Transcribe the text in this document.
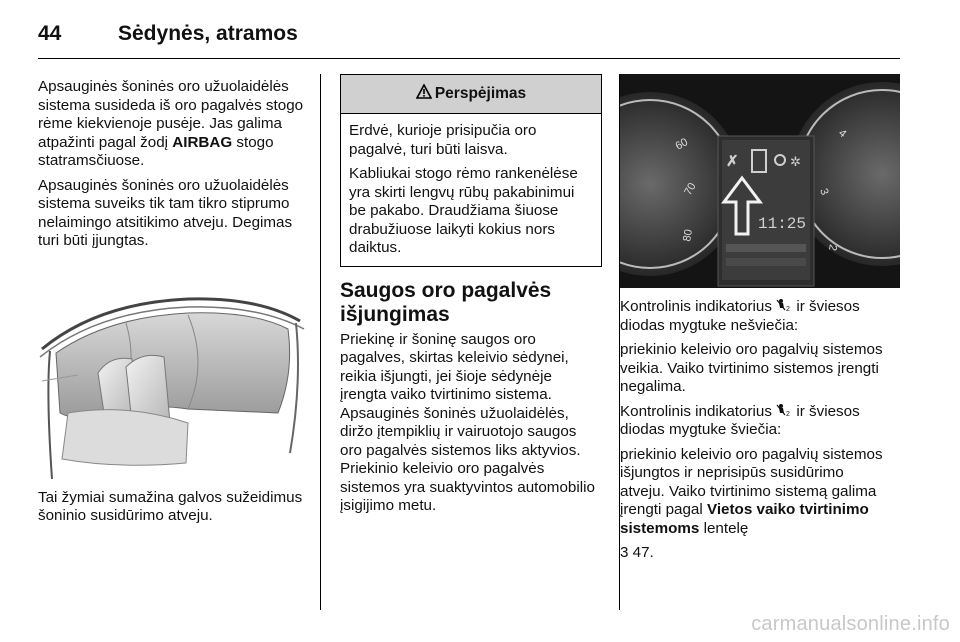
44	Sėdynės, atramos

Apsauginės šoninės oro užuolaidėlės sistema susideda iš oro pagalvės stogo rėme kiekvienoje pusėje. Jas galima atpažinti pagal žodį AIRBAG stogo statramsčiuose.

Apsauginės šoninės oro užuolaidėlės sistema suveiks tik tam tikro stiprumo nelaimingo atsitikimo atveju. Degimas turi būti įjungtas.

Tai žymiai sumažina galvos sužeidimus šoninio susidūrimo atveju.

Perspėjimas

Erdvė, kurioje prisipučia oro pagalvė, turi būti laisva.

Kabliukai stogo rėmo rankenėlėse yra skirti lengvų rūbų pakabinimui be pakabo. Draudžiama šiuose drabužiuose laikyti kokius nors daiktus.

Saugos oro pagalvės išjungimas

Priekinę ir šoninę saugos oro pagalves, skirtas keleivio sėdynei, reikia išjungti, jei šioje sėdynėje įrengta vaiko tvirtinimo sistema. Apsauginės šoninės užuolaidėlės, diržo įtempiklių ir vairuotojo saugos oro pagalvės sistemos liks aktyvios. Priekinio keleivio oro pagalvės sistemos yra suaktyvintos automobilio įsigijimo metu.

60
70
80
4
3
2
✗	✲
11:25

Kontrolinis indikatorius 2 ir šviesos diodas mygtuke nešviečia:

priekinio keleivio oro pagalvių sistemos veikia. Vaiko tvirtinimo sistemos įrengti negalima.

Kontrolinis indikatorius 2 ir šviesos diodas mygtuke šviečia:

priekinio keleivio oro pagalvių sistemos išjungtos ir neprisipūs susidūrimo atveju. Vaiko tvirtinimo sistemą galima įrengti pagal Vietos vaiko tvirtinimo sistemoms lentelę

3 47.

carmanualsonline.info
